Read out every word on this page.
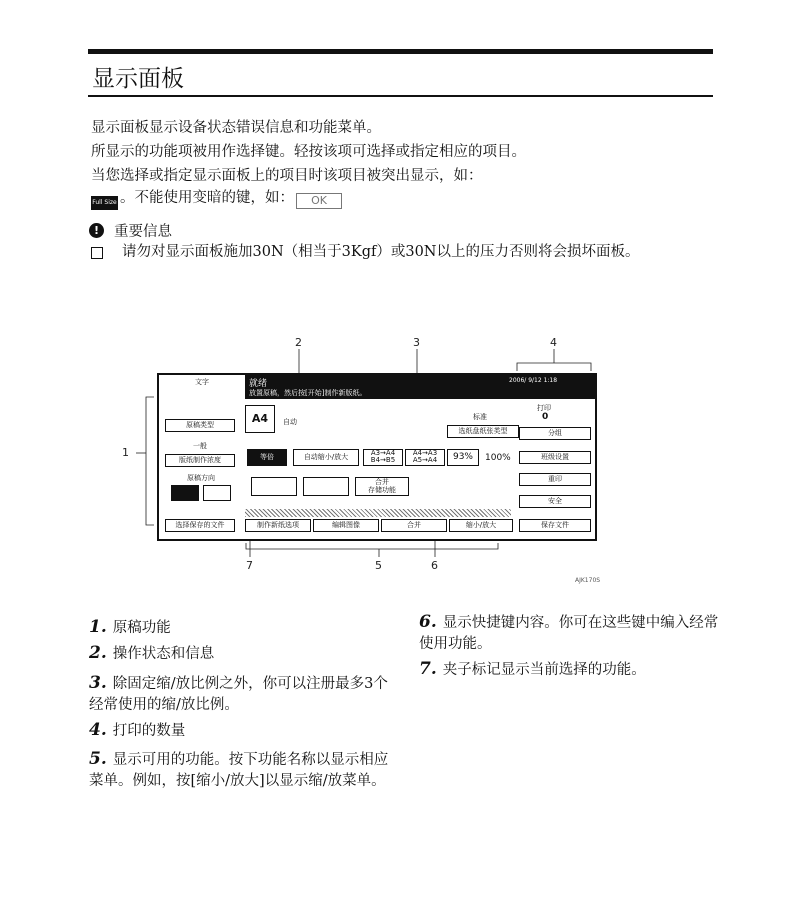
显示面板
显示面板显示设备状态错误信息和功能菜单。
所显示的功能项被用作选择键。轻按该项可选择或指定相应的项目。
当您选择或指定显示面板上的项目时该项目被突出显示，如：
Full Size 。不能使用变暗的键，如： OK
!	重要信息
请勿对显示面板施加30N（相当于3Kgf）或30N以上的压力否则将会损坏面板。
2	3	4
1
7	5	6
AJK170S
就绪
放置原稿，然后按[开始]制作新版纸。
2006/ 9/12 1:18
文字
打印
0
原稿类型
一般
版纸制作浓度
原稿方向
选择保存的文件
A4	自动
标准
选纸盘纸张类型
等倍	自动缩小/放大	A3→A4
B4→B5
A4→A3
A5→A4	93%	100%
合并
存储功能
分组
班级设置
重印
安全
保存文件
制作新纸选项	编辑图像	合并	缩小/放大
1. 原稿功能
2. 操作状态和信息
3. 除固定缩/放比例之外，你可以注册最多3个经常使用的缩/放比例。
4. 打印的数量
5. 显示可用的功能。按下功能名称以显示相应菜单。例如，按[缩小/放大]以显示缩/放菜单。
6. 显示快捷键内容。你可在这些键中编入经常使用功能。
7. 夹子标记显示当前选择的功能。
